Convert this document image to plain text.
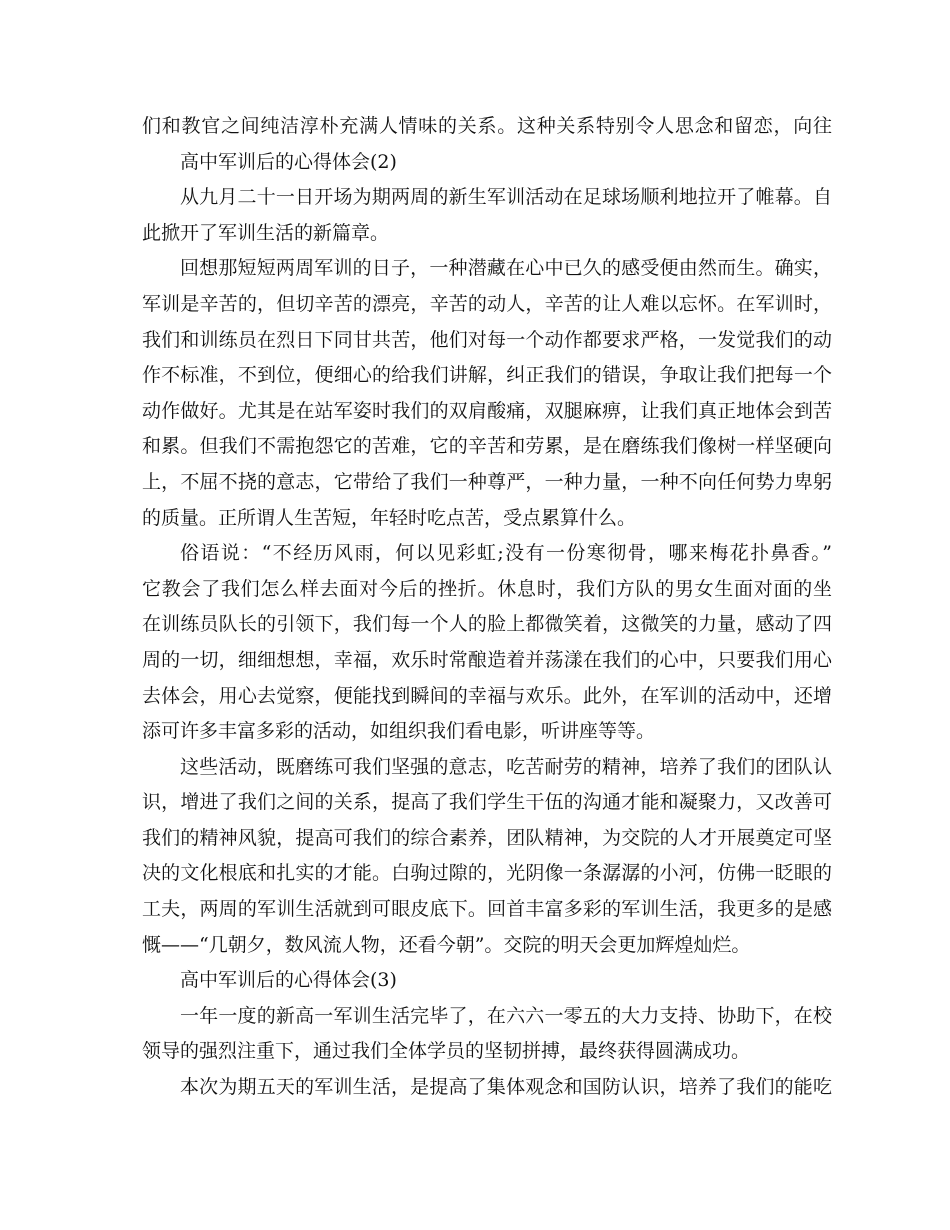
们和教官之间纯洁淳朴充满人情味的关系。这种关系特别令人思念和留恋，向往
高中军训后的心得体会(2)
从九月二十一日开场为期两周的新生军训活动在足球场顺利地拉开了帷幕。自
此掀开了军训生活的新篇章。
回想那短短两周军训的日子，一种潜藏在心中已久的感受便由然而生。确实，
军训是辛苦的，但切辛苦的漂亮，辛苦的动人，辛苦的让人难以忘怀。在军训时，
我们和训练员在烈日下同甘共苦，他们对每一个动作都要求严格，一发觉我们的动
作不标准，不到位，便细心的给我们讲解，纠正我们的错误，争取让我们把每一个
动作做好。尤其是在站军姿时我们的双肩酸痛，双腿麻痹，让我们真正地体会到苦
和累。但我们不需抱怨它的苦难，它的辛苦和劳累，是在磨练我们像树一样坚硬向
上，不屈不挠的意志，它带给了我们一种尊严，一种力量，一种不向任何势力卑躬
的质量。正所谓人生苦短，年轻时吃点苦，受点累算什么。
俗语说：“不经历风雨，何以见彩虹;没有一份寒彻骨，哪来梅花扑鼻香。”
它教会了我们怎么样去面对今后的挫折。休息时，我们方队的男女生面对面的坐
在训练员队长的引领下，我们每一个人的脸上都微笑着，这微笑的力量，感动了四
周的一切，细细想想，幸福，欢乐时常酿造着并荡漾在我们的心中，只要我们用心
去体会，用心去觉察，便能找到瞬间的幸福与欢乐。此外，在军训的活动中，还增
添可许多丰富多彩的活动，如组织我们看电影，听讲座等等。
这些活动，既磨练可我们坚强的意志，吃苦耐劳的精神，培养了我们的团队认
识，增进了我们之间的关系，提高了我们学生干伍的沟通才能和凝聚力，又改善可
我们的精神风貌，提高可我们的综合素养，团队精神，为交院的人才开展奠定可坚
决的文化根底和扎实的才能。白驹过隙的，光阴像一条潺潺的小河，仿佛一眨眼的
工夫，两周的军训生活就到可眼皮底下。回首丰富多彩的军训生活，我更多的是感
慨——“几朝夕，数风流人物，还看今朝”。交院的明天会更加辉煌灿烂。
高中军训后的心得体会(3)
一年一度的新高一军训生活完毕了，在六六一零五的大力支持、协助下，在校
领导的强烈注重下，通过我们全体学员的坚韧拼搏，最终获得圆满成功。
本次为期五天的军训生活，是提高了集体观念和国防认识，培养了我们的能吃
